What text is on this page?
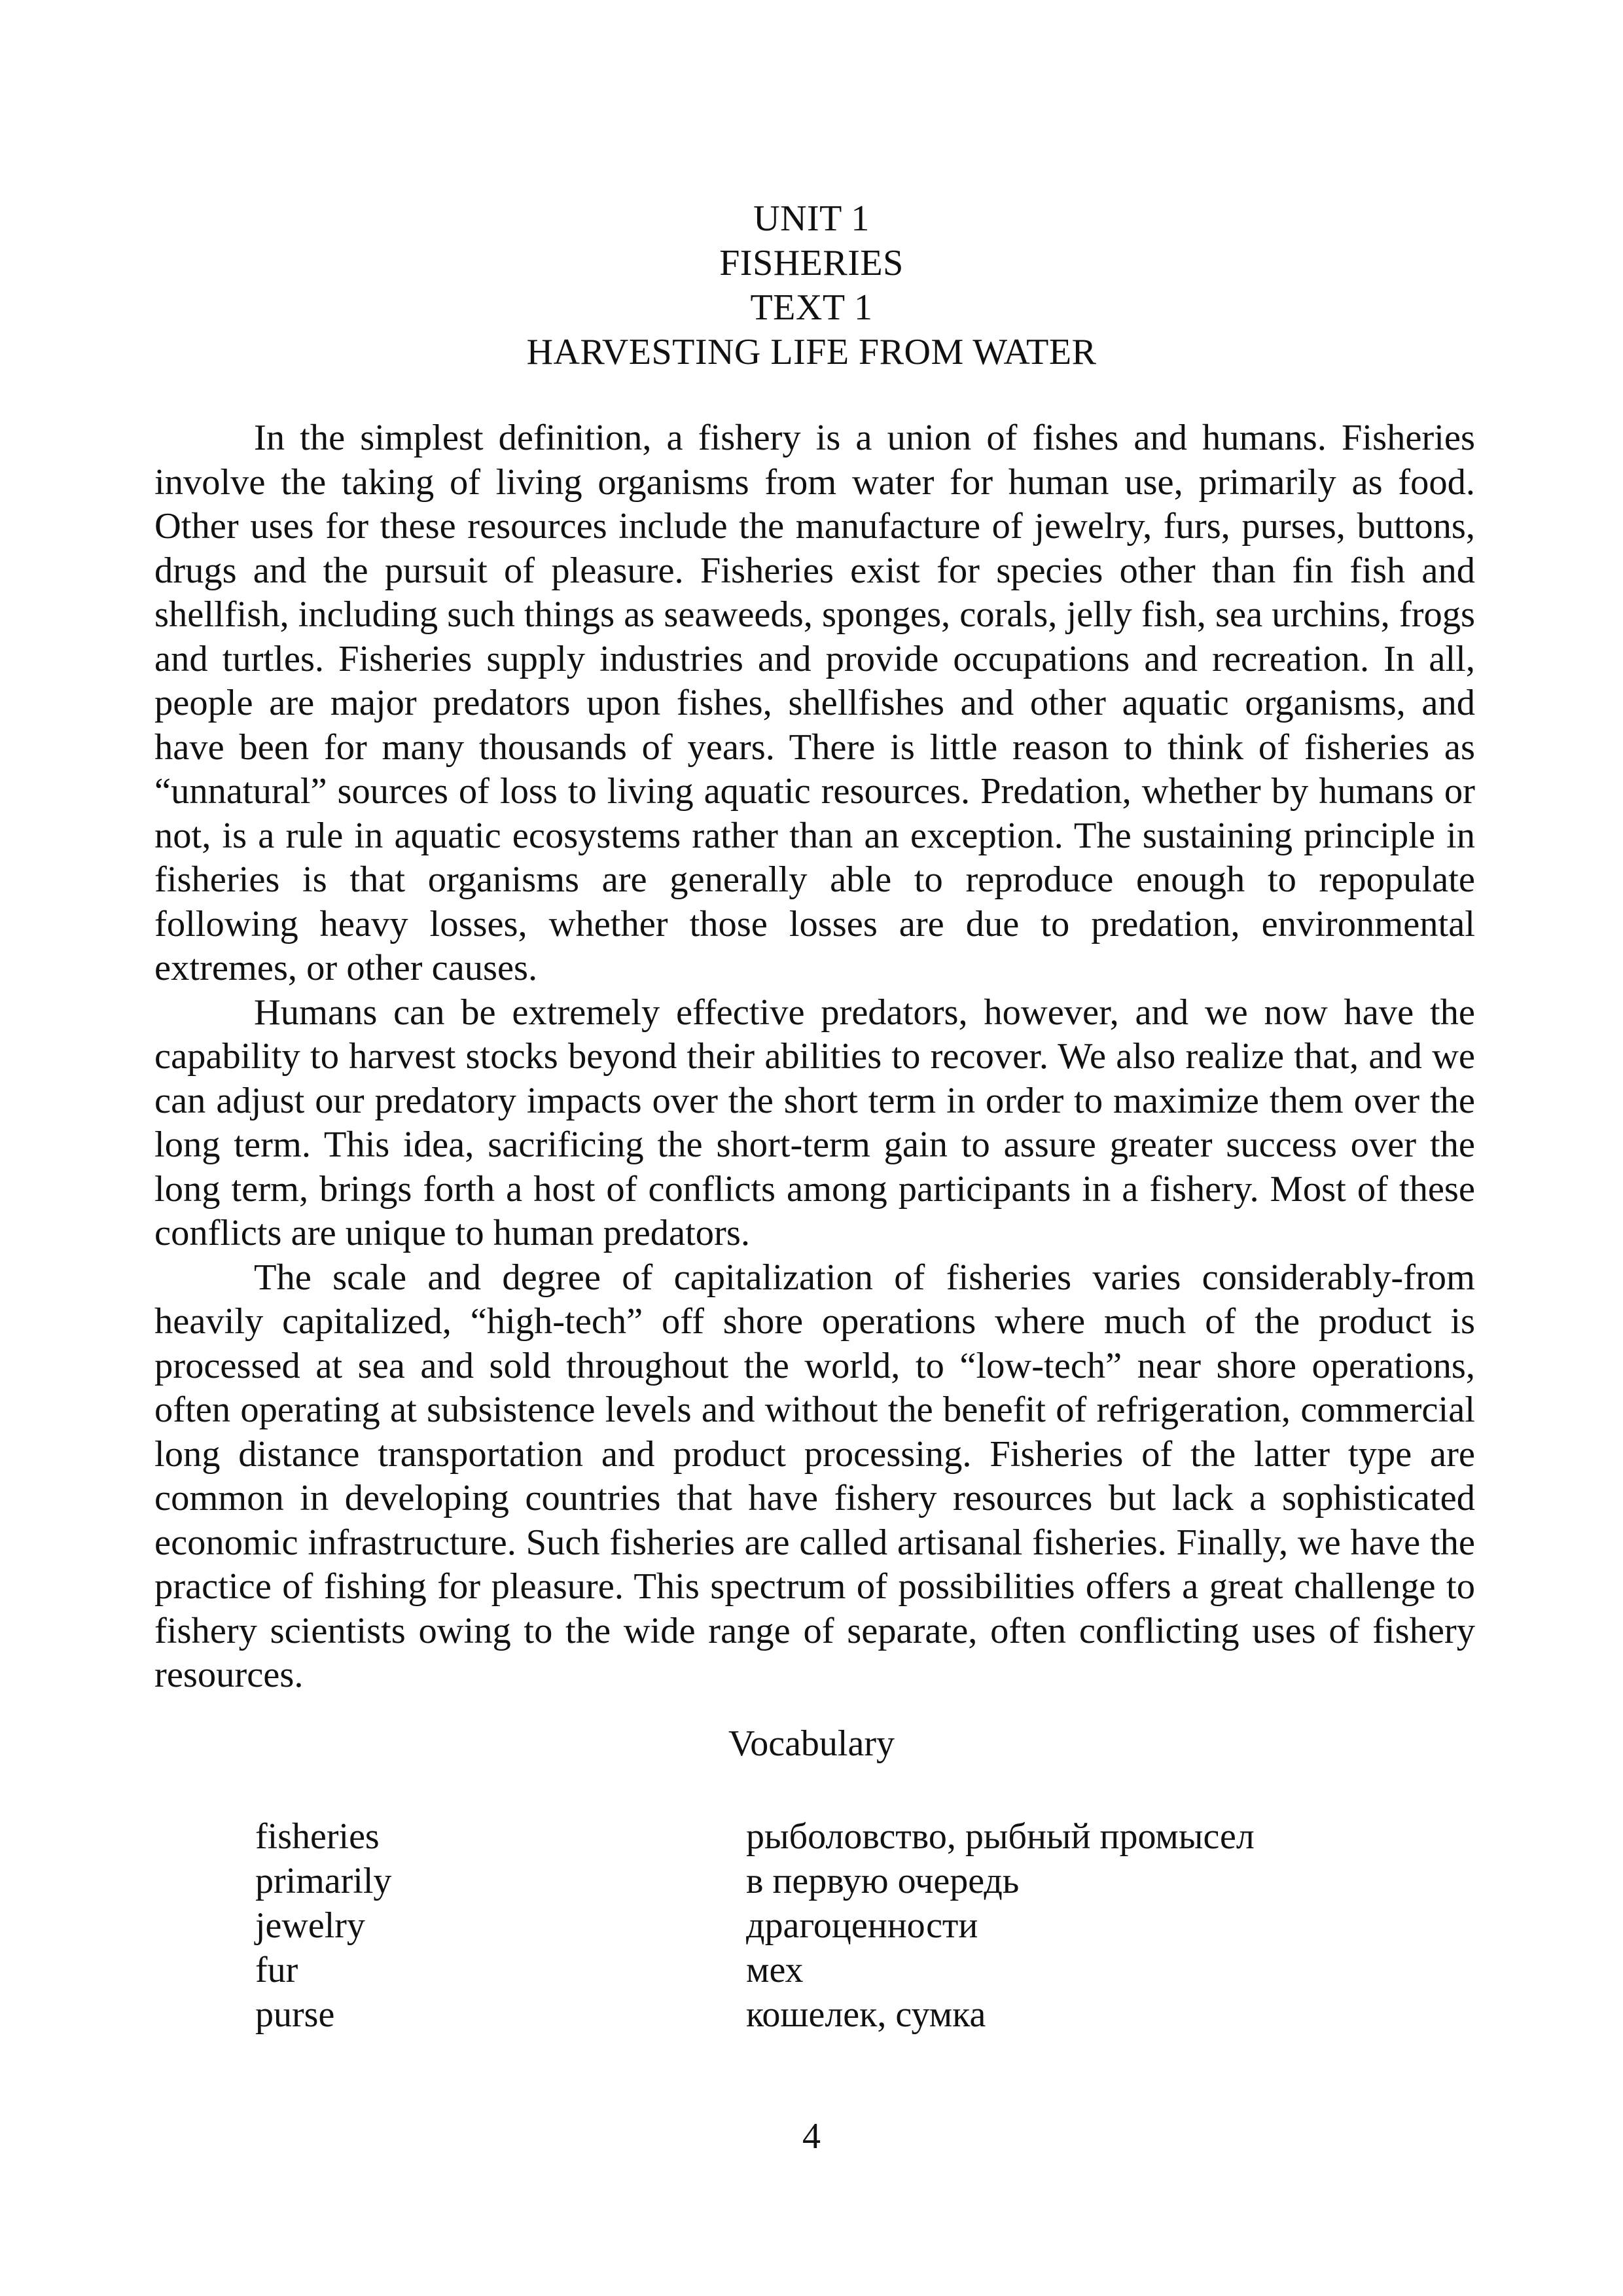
UNIT 1
FISHERIES
TEXT 1
HARVESTING LIFE FROM WATER

In the simplest definition, a fishery is a union of fishes and humans. Fisheries involve the taking of living organisms from water for human use, primarily as food. Other uses for these resources include the manufacture of jewelry, furs, purses, buttons, drugs and the pursuit of pleasure. Fisheries exist for species other than fin fish and shellfish, including such things as seaweeds, sponges, corals, jelly fish, sea urchins, frogs and turtles. Fisheries supply industries and provide occupations and recreation. In all, people are major predators upon fishes, shellfishes and other aquatic organisms, and have been for many thousands of years. There is little reason to think of fisheries as “unnatural” sources of loss to living aquatic resources. Predation, whether by humans or not, is a rule in aquatic ecosystems rather than an exception. The sustaining principle in fisheries is that organisms are generally able to reproduce enough to repopulate following heavy losses, whether those losses are due to predation, environmental extremes, or other causes.

Humans can be extremely effective predators, however, and we now have the capability to harvest stocks beyond their abilities to recover. We also realize that, and we can adjust our predatory impacts over the short term in order to maximize them over the long term. This idea, sacrificing the short-term gain to assure greater success over the long term, brings forth a host of conflicts among participants in a fishery. Most of these conflicts are unique to human predators.

The scale and degree of capitalization of fisheries varies considerably-from heavily capitalized, “high-tech” off shore operations where much of the product is processed at sea and sold throughout the world, to “low-tech” near shore operations, often operating at subsistence levels and without the benefit of refrigeration, commercial long distance transportation and product processing. Fisheries of the latter type are common in developing countries that have fishery resources but lack a sophisticated economic infrastructure. Such fisheries are called artisanal fisheries. Finally, we have the practice of fishing for pleasure. This spectrum of possibilities offers a great challenge to fishery scientists owing to the wide range of separate, often conflicting uses of fishery resources.

Vocabulary
fisheries	рыболовство, рыбный промысел
primarily	в первую очередь
jewelry	драгоценности
fur	мех
purse	кошелек, сумка
4
